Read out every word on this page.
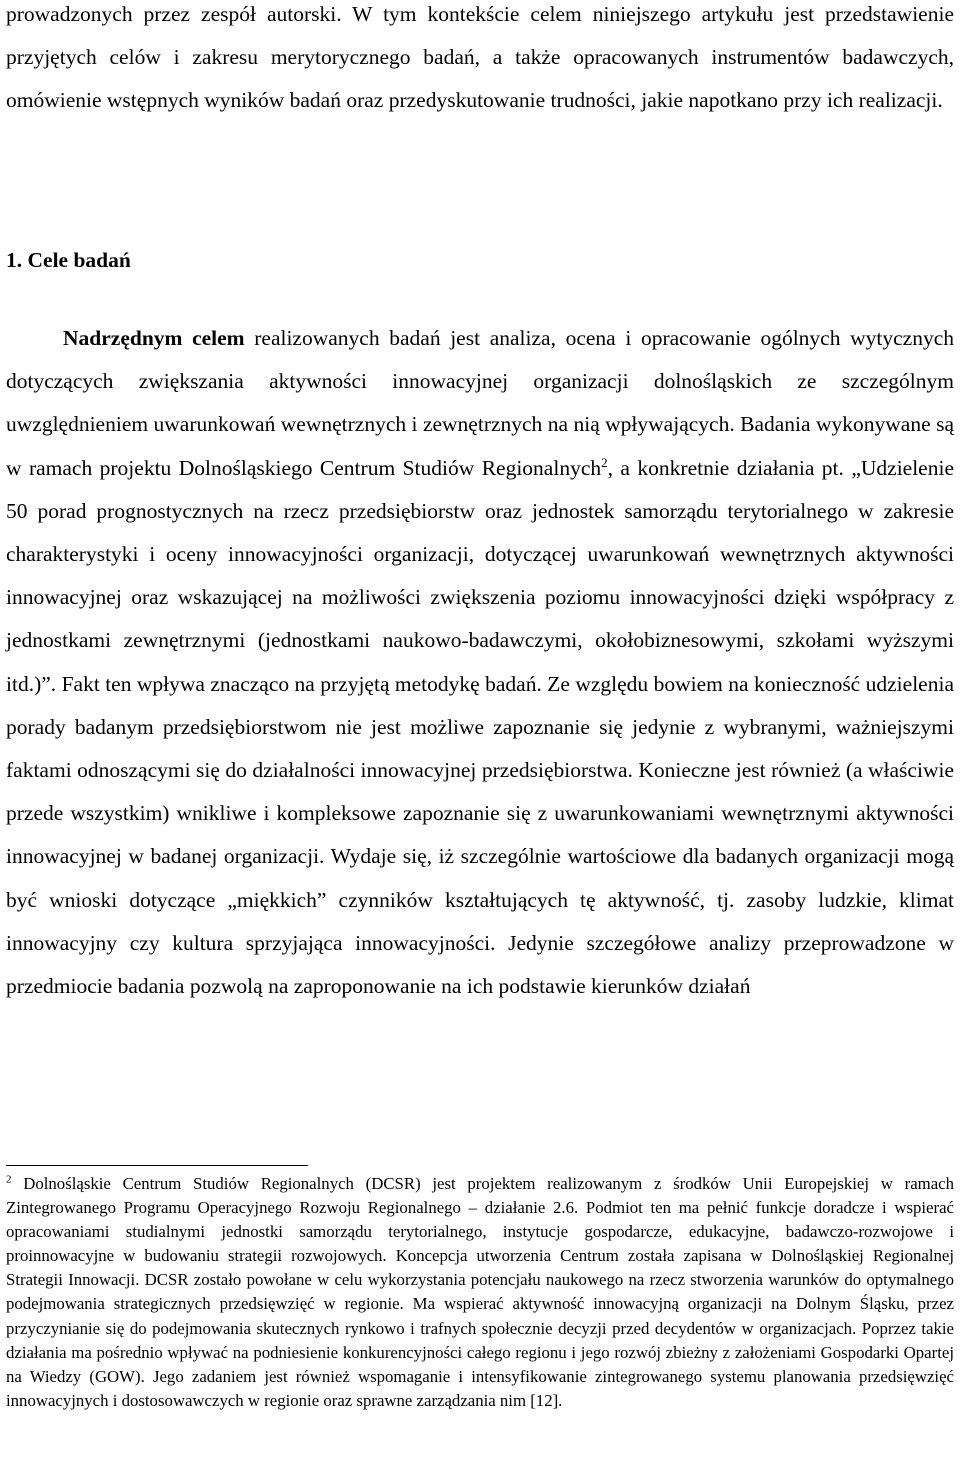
prowadzonych przez zespół autorski. W tym kontekście celem niniejszego artykułu jest przedstawienie przyjętych celów i zakresu merytorycznego badań, a także opracowanych instrumentów badawczych, omówienie wstępnych wyników badań oraz przedyskutowanie trudności, jakie napotkano przy ich realizacji.

1. Cele badań

Nadrzędnym celem realizowanych badań jest analiza, ocena i opracowanie ogólnych wytycznych dotyczących zwiększania aktywności innowacyjnej organizacji dolnośląskich ze szczególnym uwzględnieniem uwarunkowań wewnętrznych i zewnętrznych na nią wpływających. Badania wykonywane są w ramach projektu Dolnośląskiego Centrum Studiów Regionalnych$^2$, a konkretnie działania pt. „Udzielenie 50 porad prognostycznych na rzecz przedsiębiorstw oraz jednostek samorządu terytorialnego w zakresie charakterystyki i oceny innowacyjności organizacji, dotyczącej uwarunkowań wewnętrznych aktywności innowacyjnej oraz wskazującej na możliwości zwiększenia poziomu innowacyjności dzięki współpracy z jednostkami zewnętrznymi (jednostkami naukowo-badawczymi, okołobiznesowymi, szkołami wyższymi itd.)”. Fakt ten wpływa znacząco na przyjętą metodykę badań. Ze względu bowiem na konieczność udzielenia porady badanym przedsiębiorstwom nie jest możliwe zapoznanie się jedynie z wybranymi, ważniejszymi faktami odnoszącymi się do działalności innowacyjnej przedsiębiorstwa. Konieczne jest również (a właściwie przede wszystkim) wnikliwe i kompleksowe zapoznanie się z uwarunkowaniami wewnętrznymi aktywności innowacyjnej w badanej organizacji. Wydaje się, iż szczególnie wartościowe dla badanych organizacji mogą być wnioski dotyczące „miękkich” czynników kształtujących tę aktywność, tj. zasoby ludzkie, klimat innowacyjny czy kultura sprzyjająca innowacyjności. Jedynie szczegółowe analizy przeprowadzone w przedmiocie badania pozwolą na zaproponowanie na ich podstawie kierunków działań

$^2$ Dolnośląskie Centrum Studiów Regionalnych (DCSR) jest projektem realizowanym z środków Unii Europejskiej w ramach Zintegrowanego Programu Operacyjnego Rozwoju Regionalnego – działanie 2.6. Podmiot ten ma pełnić funkcje doradcze i wspierać opracowaniami studialnymi jednostki samorządu terytorialnego, instytucje gospodarcze, edukacyjne, badawczo-rozwojowe i proinnowacyjne w budowaniu strategii rozwojowych. Koncepcja utworzenia Centrum została zapisana w Dolnośląskiej Regionalnej Strategii Innowacji. DCSR zostało powołane w celu wykorzystania potencjału naukowego na rzecz stworzenia warunków do optymalnego podejmowania strategicznych przedsięwzięć w regionie. Ma wspierać aktywność innowacyjną organizacji na Dolnym Śląsku, przez przyczynianie się do podejmowania skutecznych rynkowo i trafnych społecznie decyzji przed decydentów w organizacjach. Poprzez takie działania ma pośrednio wpływać na podniesienie konkurencyjności całego regionu i jego rozwój zbieżny z założeniami Gospodarki Opartej na Wiedzy (GOW). Jego zadaniem jest również wspomaganie i intensyfikowanie zintegrowanego systemu planowania przedsięwzięć innowacyjnych i dostosowawczych w regionie oraz sprawne zarządzania nim [12].
